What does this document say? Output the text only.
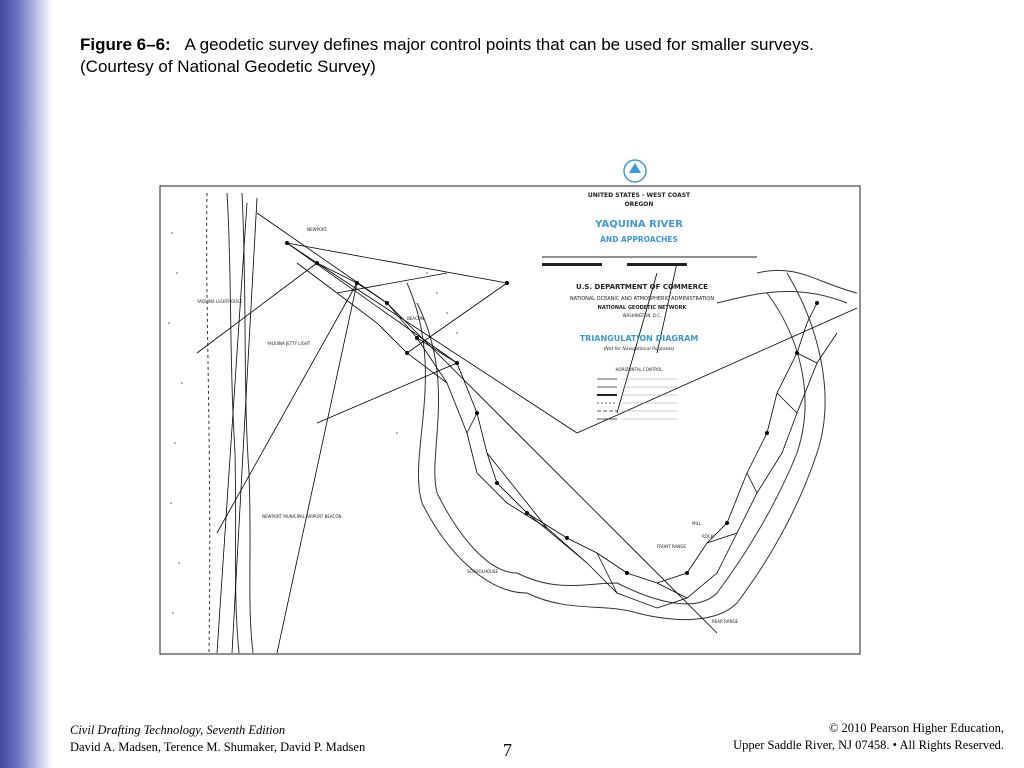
Figure 6–6: A geodetic survey defines major control points that can be used for smaller surveys.
(Courtesy of National Geodetic Survey)
UNITED STATES - WEST COAST
OREGON
YAQUINA RIVER
AND APPROACHES
U.S. DEPARTMENT OF COMMERCE
NATIONAL OCEANIC AND ATMOSPHERIC ADMINISTRATION
NATIONAL GEODETIC NETWORK
WASHINGTON, D.C.
TRIANGULATION DIAGRAM
(Not for Navigational Purposes)
HORIZONTAL CONTROL
NEWPORT
YAQUINA LIGHTHOUSE
NEWPORT MUNICIPAL AIRPORT BEACON
YAQUINA JETTY LIGHT
SCHOOLHOUSE
FRONT RANGE
REAR RANGE
BEACON
MILL
ROCK
Civil Drafting Technology, Seventh Edition
David A. Madsen, Terence M. Shumaker, David P. Madsen	7
© 2010 Pearson Higher Education,
Upper Saddle River, NJ 07458. • All Rights Reserved.
